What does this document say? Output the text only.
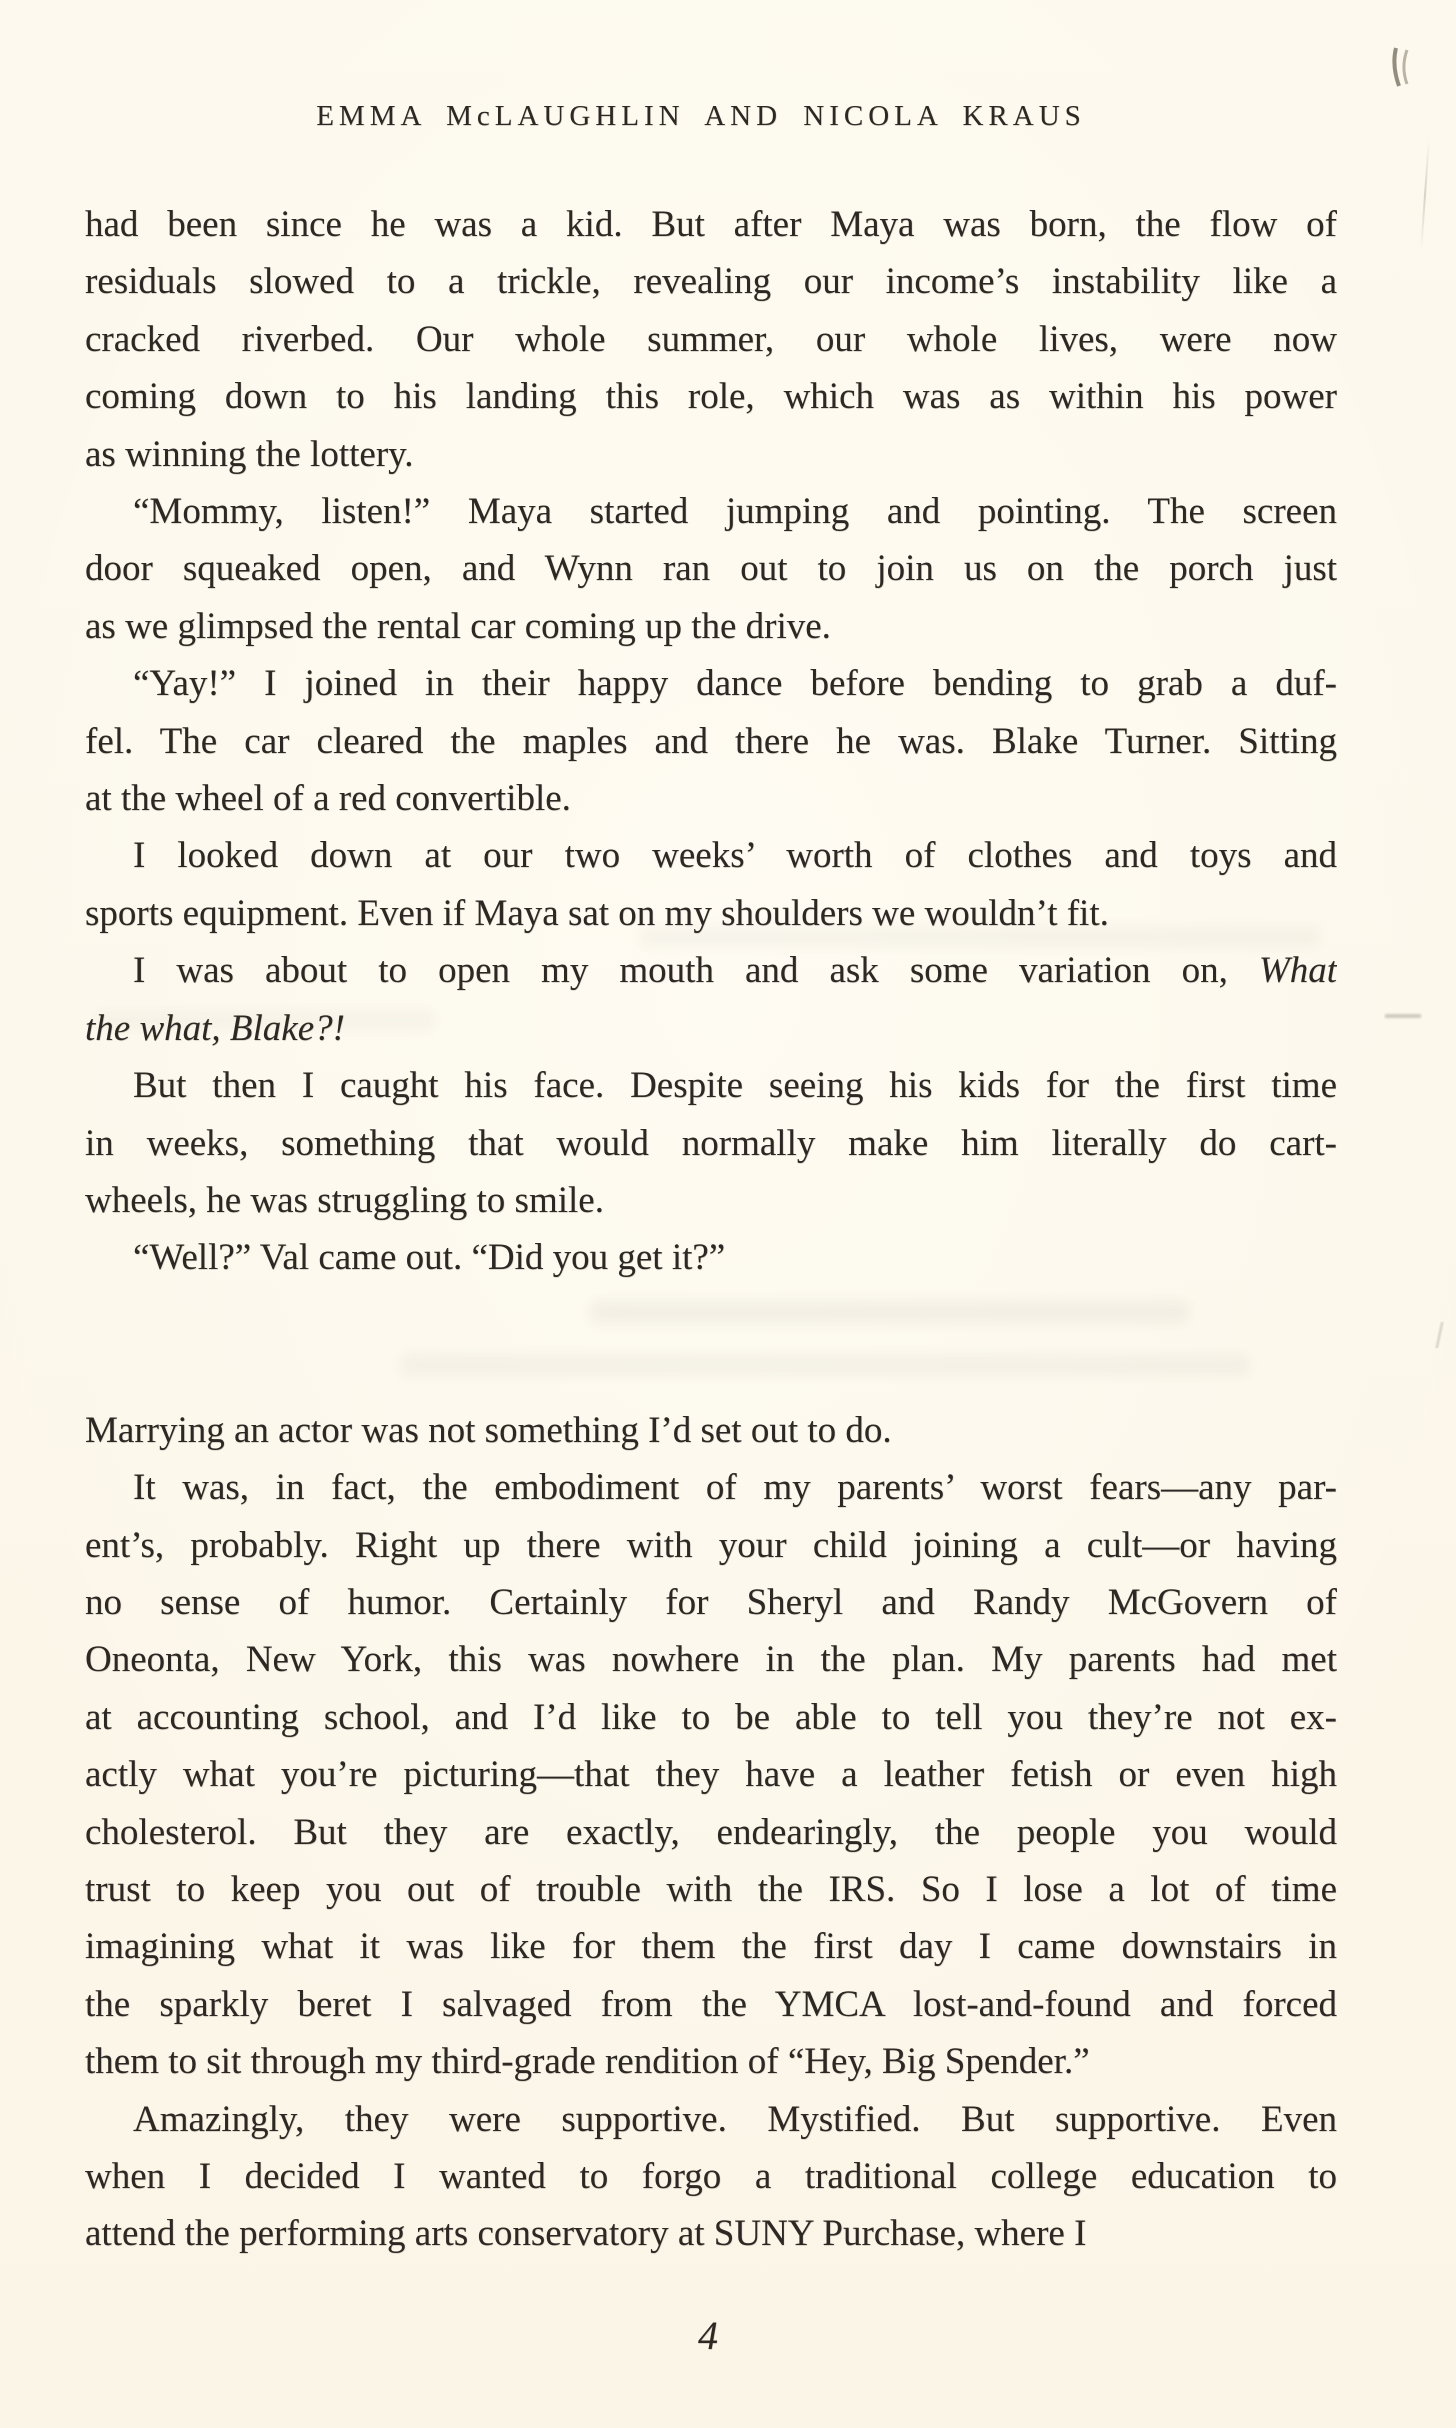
EMMA McLAUGHLIN AND NICOLA KRAUS
had been since he was a kid. But after Maya was born, the flow of
residuals slowed to a trickle, revealing our income’s instability like a
cracked riverbed. Our whole summer, our whole lives, were now
coming down to his landing this role, which was as within his power
as winning the lottery.
“Mommy, listen!” Maya started jumping and pointing. The screen
door squeaked open, and Wynn ran out to join us on the porch just
as we glimpsed the rental car coming up the drive.
“Yay!” I joined in their happy dance before bending to grab a duf-
fel. The car cleared the maples and there he was. Blake Turner. Sitting
at the wheel of a red convertible.
I looked down at our two weeks’ worth of clothes and toys and
sports equipment. Even if Maya sat on my shoulders we wouldn’t fit.
I was about to open my mouth and ask some variation on, What
the what, Blake?!
But then I caught his face. Despite seeing his kids for the first time
in weeks, something that would normally make him literally do cart-
wheels, he was struggling to smile.
“Well?” Val came out. “Did you get it?”
Marrying an actor was not something I’d set out to do.
It was, in fact, the embodiment of my parents’ worst fears—any par-
ent’s, probably. Right up there with your child joining a cult—or having
no sense of humor. Certainly for Sheryl and Randy McGovern of
Oneonta, New York, this was nowhere in the plan. My parents had met
at accounting school, and I’d like to be able to tell you they’re not ex-
actly what you’re picturing—that they have a leather fetish or even high
cholesterol. But they are exactly, endearingly, the people you would
trust to keep you out of trouble with the IRS. So I lose a lot of time
imagining what it was like for them the first day I came downstairs in
the sparkly beret I salvaged from the YMCA lost-and-found and forced
them to sit through my third-grade rendition of “Hey, Big Spender.”
Amazingly, they were supportive. Mystified. But supportive. Even
when I decided I wanted to forgo a traditional college education to
attend the performing arts conservatory at SUNY Purchase, where I
4
